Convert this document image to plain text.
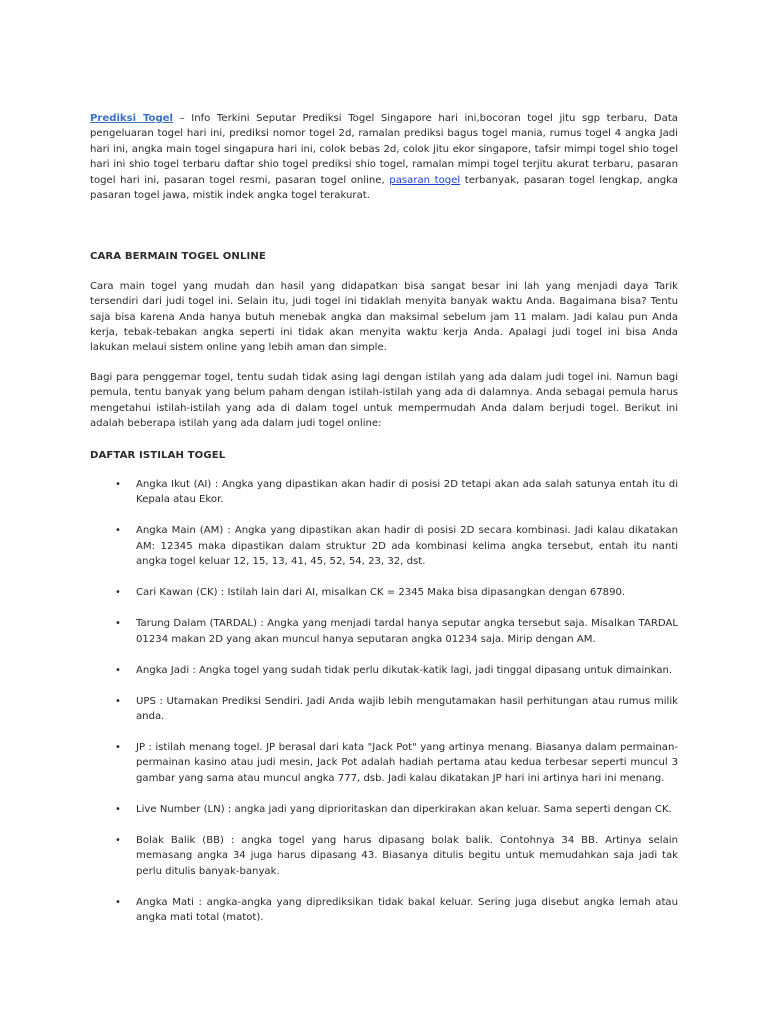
Prediksi Togel – Info Terkini Seputar Prediksi Togel Singapore hari ini,bocoran togel jitu sgp terbaru, Data pengeluaran togel hari ini, prediksi nomor togel 2d, ramalan prediksi bagus togel mania, rumus togel 4 angka Jadi hari ini, angka main togel singapura hari ini, colok bebas 2d, colok jitu ekor singapore, tafsir mimpi togel shio togel hari ini shio togel terbaru daftar shio togel prediksi shio togel, ramalan mimpi togel terjitu akurat terbaru, pasaran togel hari ini, pasaran togel resmi, pasaran togel online, pasaran togel terbanyak, pasaran togel lengkap, angka pasaran togel jawa, mistik indek angka togel terakurat.

CARA BERMAIN TOGEL ONLINE

Cara main togel yang mudah dan hasil yang didapatkan bisa sangat besar ini lah yang menjadi daya Tarik tersendiri dari judi togel ini. Selain itu, judi togel ini tidaklah menyita banyak waktu Anda. Bagaimana bisa? Tentu saja bisa karena Anda hanya butuh menebak angka dan maksimal sebelum jam 11 malam. Jadi kalau pun Anda kerja, tebak-tebakan angka seperti ini tidak akan menyita waktu kerja Anda. Apalagi judi togel ini bisa Anda lakukan melaui sistem online yang lebih aman dan simple.

Bagi para penggemar togel, tentu sudah tidak asing lagi dengan istilah yang ada dalam judi togel ini. Namun bagi pemula, tentu banyak yang belum paham dengan istilah-istilah yang ada di dalamnya. Anda sebagai pemula harus mengetahui istilah-istilah yang ada di dalam togel untuk mempermudah Anda dalam berjudi togel. Berikut ini adalah beberapa istilah yang ada dalam judi togel online:

DAFTAR ISTILAH TOGEL
• Angka Ikut (AI) : Angka yang dipastikan akan hadir di posisi 2D tetapi akan ada salah satunya entah itu di Kepala atau Ekor.
• Angka Main (AM) : Angka yang dipastikan akan hadir di posisi 2D secara kombinasi. Jadi kalau dikatakan AM: 12345 maka dipastikan dalam struktur 2D ada kombinasi kelima angka tersebut, entah itu nanti angka togel keluar 12, 15, 13, 41, 45, 52, 54, 23, 32, dst.
• Cari Kawan (CK) : Istilah lain dari AI, misalkan CK = 2345 Maka bisa dipasangkan dengan 67890.
• Tarung Dalam (TARDAL) : Angka yang menjadi tardal hanya seputar angka tersebut saja. Misalkan TARDAL 01234 makan 2D yang akan muncul hanya seputaran angka 01234 saja. Mirip dengan AM.
• Angka Jadi : Angka togel yang sudah tidak perlu dikutak-katik lagi, jadi tinggal dipasang untuk dimainkan.
• UPS : Utamakan Prediksi Sendiri. Jadi Anda wajib lebih mengutamakan hasil perhitungan atau rumus milik anda.
• JP : istilah menang togel. JP berasal dari kata "Jack Pot" yang artinya menang. Biasanya dalam permainan-permainan kasino atau judi mesin, Jack Pot adalah hadiah pertama atau kedua terbesar seperti muncul 3 gambar yang sama atau muncul angka 777, dsb. Jadi kalau dikatakan JP hari ini artinya hari ini menang.
• Live Number (LN) : angka jadi yang diprioritaskan dan diperkirakan akan keluar. Sama seperti dengan CK.
• Bolak Balik (BB) : angka togel yang harus dipasang bolak balik. Contohnya 34 BB. Artinya selain memasang angka 34 juga harus dipasang 43. Biasanya ditulis begitu untuk memudahkan saja jadi tak perlu ditulis banyak-banyak.
• Angka Mati : angka-angka yang diprediksikan tidak bakal keluar. Sering juga disebut angka lemah atau angka mati total (matot).
